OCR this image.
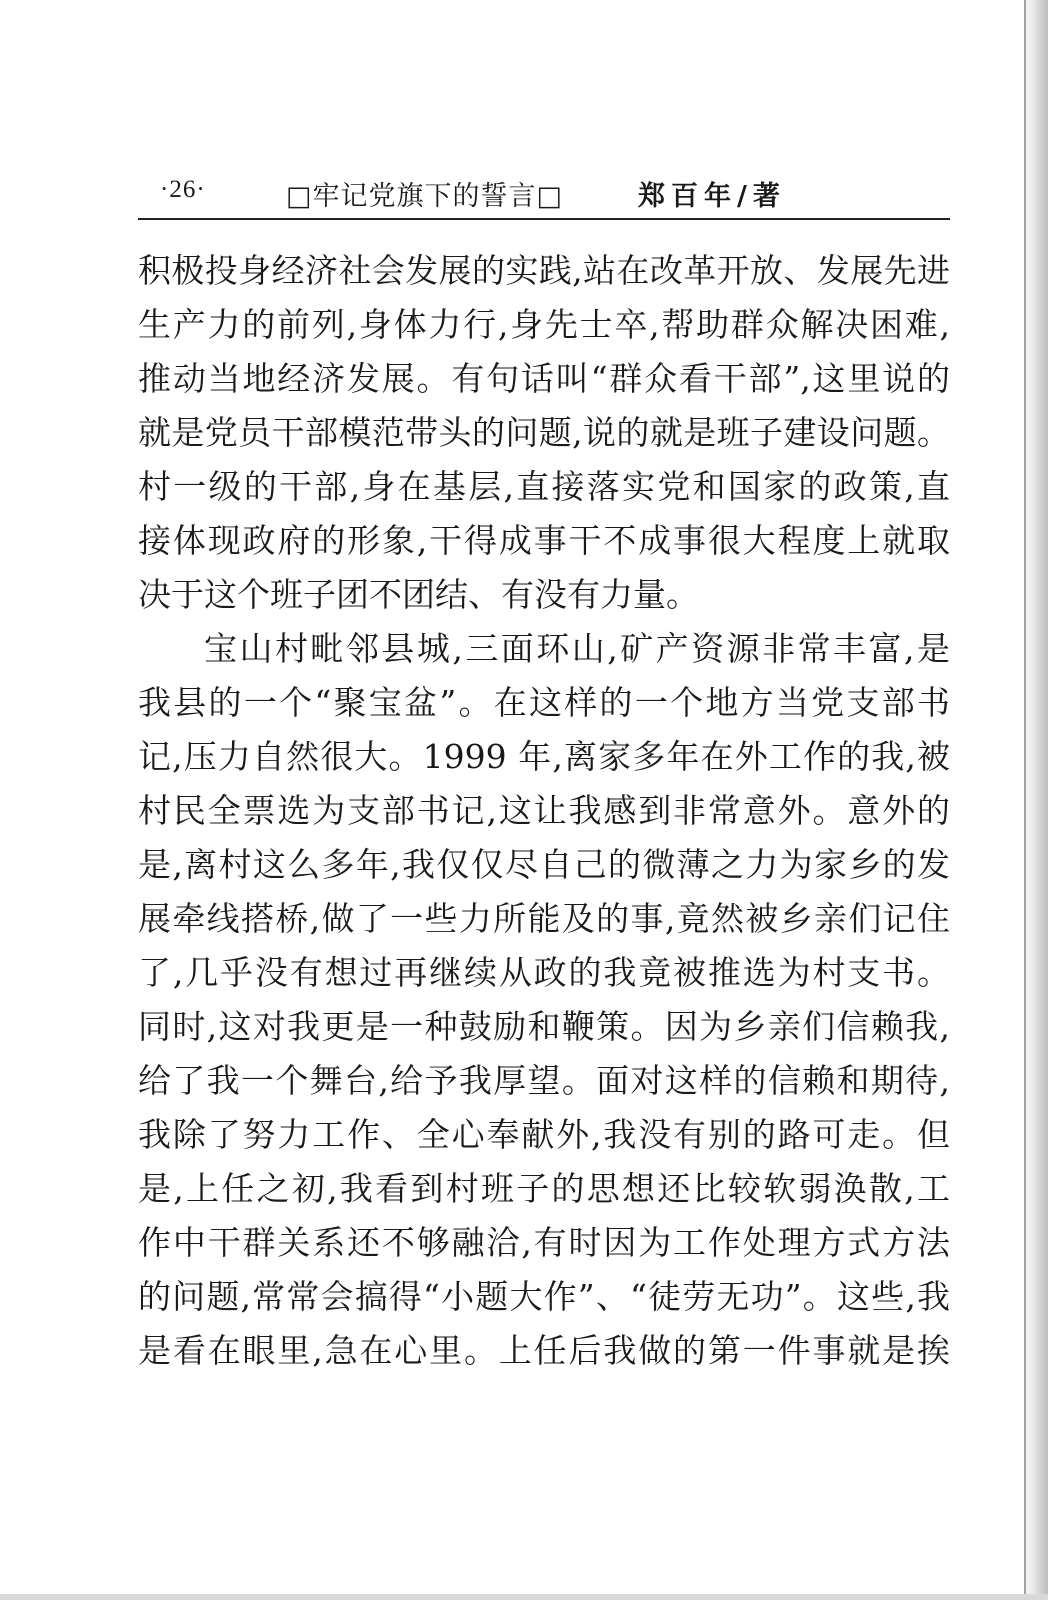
·26·	□牢记党旗下的誓言□	郑百年/著
积极投身经济社会发展的实践,站在改革开放、发展先进
生产力的前列,身体力行,身先士卒,帮助群众解决困难,
推动当地经济发展。有句话叫“群众看干部”,这里说的
就是党员干部模范带头的问题,说的就是班子建设问题。
村一级的干部,身在基层,直接落实党和国家的政策,直
接体现政府的形象,干得成事干不成事很大程度上就取
决于这个班子团不团结、有没有力量。
宝山村毗邻县城,三面环山,矿产资源非常丰富,是
我县的一个“聚宝盆”。在这样的一个地方当党支部书
记,压力自然很大。1999 年,离家多年在外工作的我,被
村民全票选为支部书记,这让我感到非常意外。意外的
是,离村这么多年,我仅仅尽自己的微薄之力为家乡的发
展牵线搭桥,做了一些力所能及的事,竟然被乡亲们记住
了,几乎没有想过再继续从政的我竟被推选为村支书。
同时,这对我更是一种鼓励和鞭策。因为乡亲们信赖我,
给了我一个舞台,给予我厚望。面对这样的信赖和期待,
我除了努力工作、全心奉献外,我没有别的路可走。但
是,上任之初,我看到村班子的思想还比较软弱涣散,工
作中干群关系还不够融洽,有时因为工作处理方式方法
的问题,常常会搞得“小题大作”、“徒劳无功”。这些,我
是看在眼里,急在心里。上任后我做的第一件事就是挨
